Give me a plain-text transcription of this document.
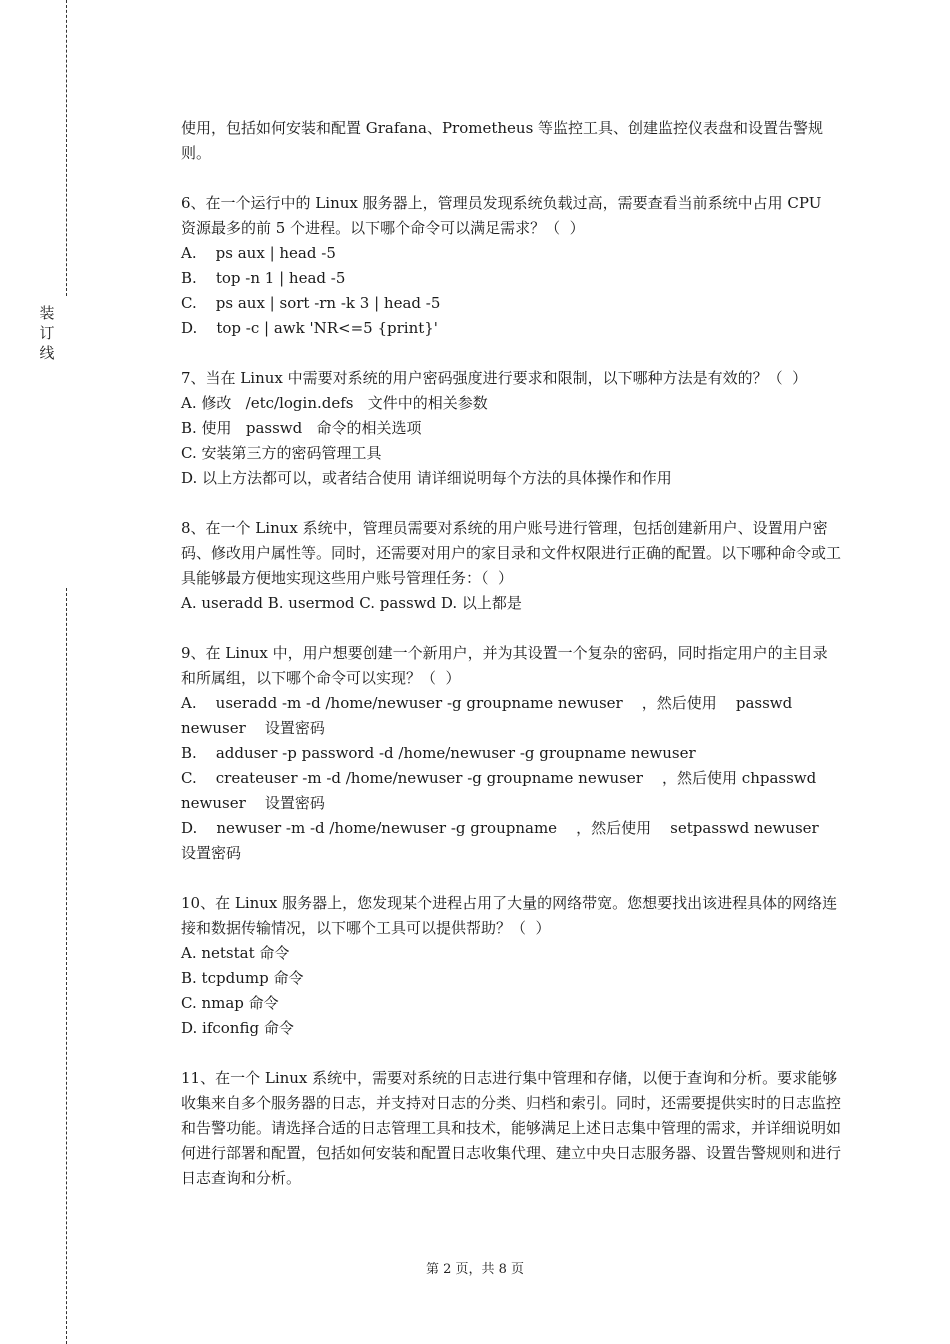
装
订
线

使用，包括如何安装和配置 Grafana、Prometheus 等监控工具、创建监控仪表盘和设置告警规则。

6、在一个运行中的 Linux 服务器上，管理员发现系统负载过高，需要查看当前系统中占用 CPU 资源最多的前 5 个进程。以下哪个命令可以满足需求？（  ）

A.    ps aux | head -5

B.    top -n 1 | head -5

C.    ps aux | sort -rn -k 3 | head -5

D.    top -c | awk 'NR<=5 {print}'

7、当在 Linux 中需要对系统的用户密码强度进行要求和限制，以下哪种方法是有效的？（  ）

A. 修改   /etc/login.defs   文件中的相关参数

B. 使用   passwd   命令的相关选项

C. 安装第三方的密码管理工具

D. 以上方法都可以，或者结合使用 请详细说明每个方法的具体操作和作用

8、在一个 Linux 系统中，管理员需要对系统的用户账号进行管理，包括创建新用户、设置用户密码、修改用户属性等。同时，还需要对用户的家目录和文件权限进行正确的配置。以下哪种命令或工具能够最方便地实现这些用户账号管理任务：（  ）

A. useradd B. usermod C. passwd D. 以上都是

9、在 Linux 中，用户想要创建一个新用户，并为其设置一个复杂的密码，同时指定用户的主目录和所属组，以下哪个命令可以实现？（  ）

A.    useradd -m -d /home/newuser -g groupname newuser    ，然后使用    passwd newuser    设置密码

B.    adduser -p password -d /home/newuser -g groupname newuser

C.    createuser -m -d /home/newuser -g groupname newuser    ，然后使用 chpasswd newuser    设置密码

D.    newuser -m -d /home/newuser -g groupname    ，然后使用    setpasswd newuser    设置密码

10、在 Linux 服务器上，您发现某个进程占用了大量的网络带宽。您想要找出该进程具体的网络连接和数据传输情况，以下哪个工具可以提供帮助？（  ）

A. netstat 命令

B. tcpdump 命令

C. nmap 命令

D. ifconfig 命令

11、在一个 Linux 系统中，需要对系统的日志进行集中管理和存储，以便于查询和分析。要求能够收集来自多个服务器的日志，并支持对日志的分类、归档和索引。同时，还需要提供实时的日志监控和告警功能。请选择合适的日志管理工具和技术，能够满足上述日志集中管理的需求，并详细说明如何进行部署和配置，包括如何安装和配置日志收集代理、建立中央日志服务器、设置告警规则和进行日志查询和分析。

第 2 页，共 8 页
